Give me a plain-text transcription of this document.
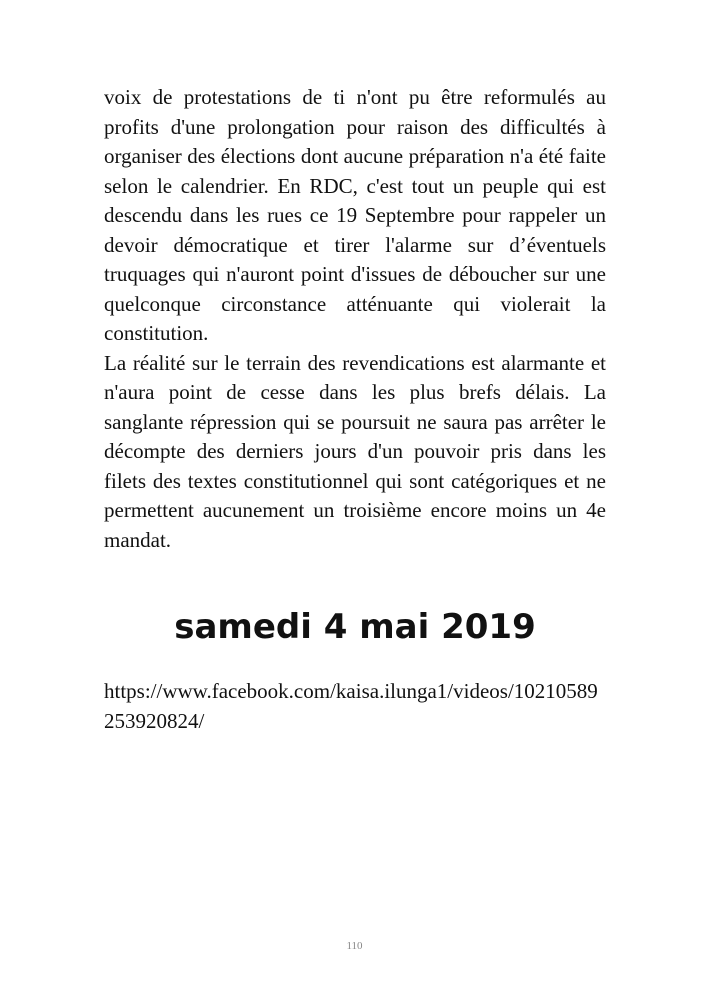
voix de protestations de ti n'ont pu être reformulés au profits d'une prolongation pour raison des difficultés à organiser des élections dont aucune préparation n'a été faite selon le calendrier. En RDC, c'est tout un peuple qui est descendu dans les rues ce 19 Septembre pour rappeler un devoir démocratique et tirer l'alarme sur d’éventuels truquages qui n'auront point d'issues de déboucher sur une quelconque circonstance atténuante qui violerait la constitution.

La réalité sur le terrain des revendications est alarmante et n'aura point de cesse dans les plus brefs délais. La sanglante répression qui se poursuit ne saura pas arrêter le décompte des derniers jours d'un pouvoir pris dans les filets des textes constitutionnel qui sont catégoriques et ne permettent aucunement un troisième encore moins un 4e mandat.

samedi 4 mai 2019

https://www.facebook.com/kaisa.ilunga1/videos/10210589253920824/

110
